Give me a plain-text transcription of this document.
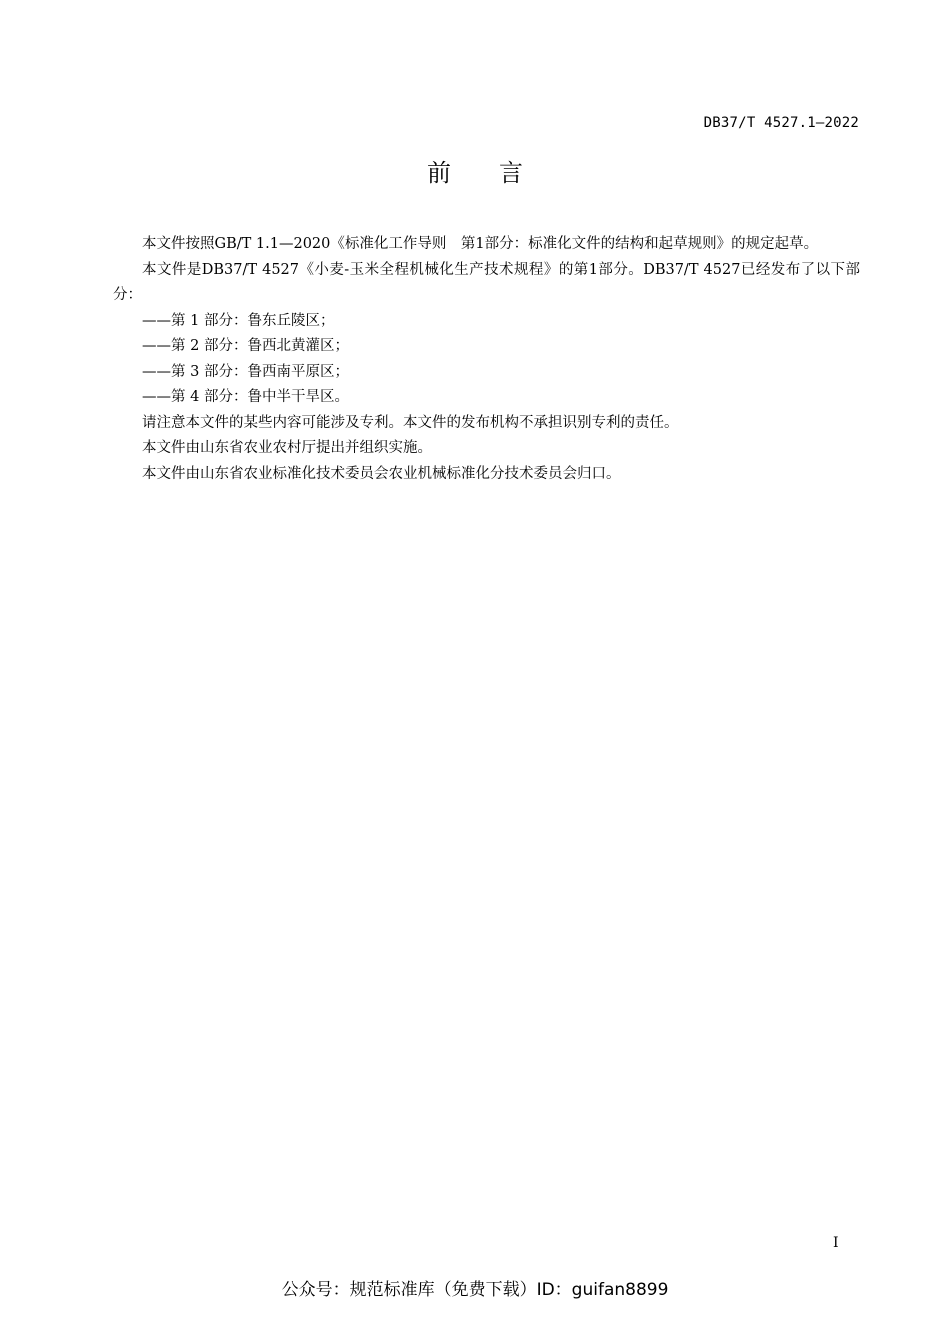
DB37/T 4527.1—2022
前言

本文件按照GB/T 1.1—2020《标准化工作导则　第1部分：标准化文件的结构和起草规则》的规定起草。

本文件是DB37/T 4527《小麦-玉米全程机械化生产技术规程》的第1部分。DB37/T 4527已经发布了以下部分：

——第 1 部分：鲁东丘陵区；
——第 2 部分：鲁西北黄灌区；
——第 3 部分：鲁西南平原区；
——第 4 部分：鲁中半干旱区。

请注意本文件的某些内容可能涉及专利。本文件的发布机构不承担识别专利的责任。

本文件由山东省农业农村厅提出并组织实施。

本文件由山东省农业标准化技术委员会农业机械标准化分技术委员会归口。

I
公众号：规范标准库（免费下载）ID：guifan8899
